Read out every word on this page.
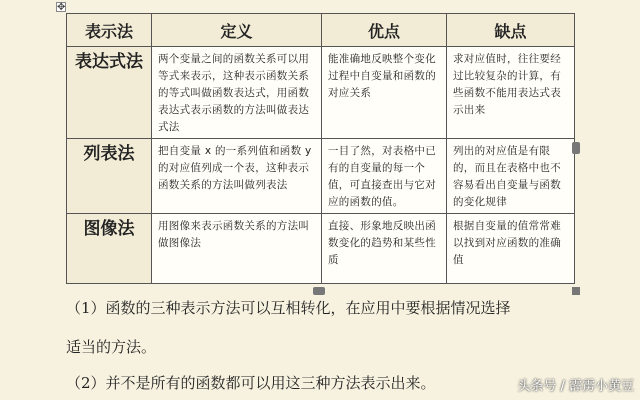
✥
表示法	定义	优点	缺点
表达式法	两个变量之间的函数关系可以用等式来表示，这种表示函数关系的等式叫做函数表达式，用函数表达式表示函数的方法叫做表达式法	能准确地反映整个变化过程中自变量和函数的对应关系	求对应值时，往往要经过比较复杂的计算，有些函数不能用表达式表示出来
列表法	把自变量 x 的一系列值和函数 y 的对应值列成一个表，这种表示函数关系的方法叫做列表法	一目了然，对表格中已有的自变量的每一个值，可直接查出与它对应的函数的值。	列出的对应值是有限的，而且在表格中也不容易看出自变量与函数的变化规律
图像法	用图像来表示函数关系的方法叫做图像法	直接、形象地反映出函数变化的趋势和某些性质	根据自变量的值常常难以找到对应函数的准确值
（1）函数的三种表示方法可以互相转化，在应用中要根据情况选择
适当的方法。
（2）并不是所有的函数都可以用这三种方法表示出来。	头条号 / 霹雳小黄豆
